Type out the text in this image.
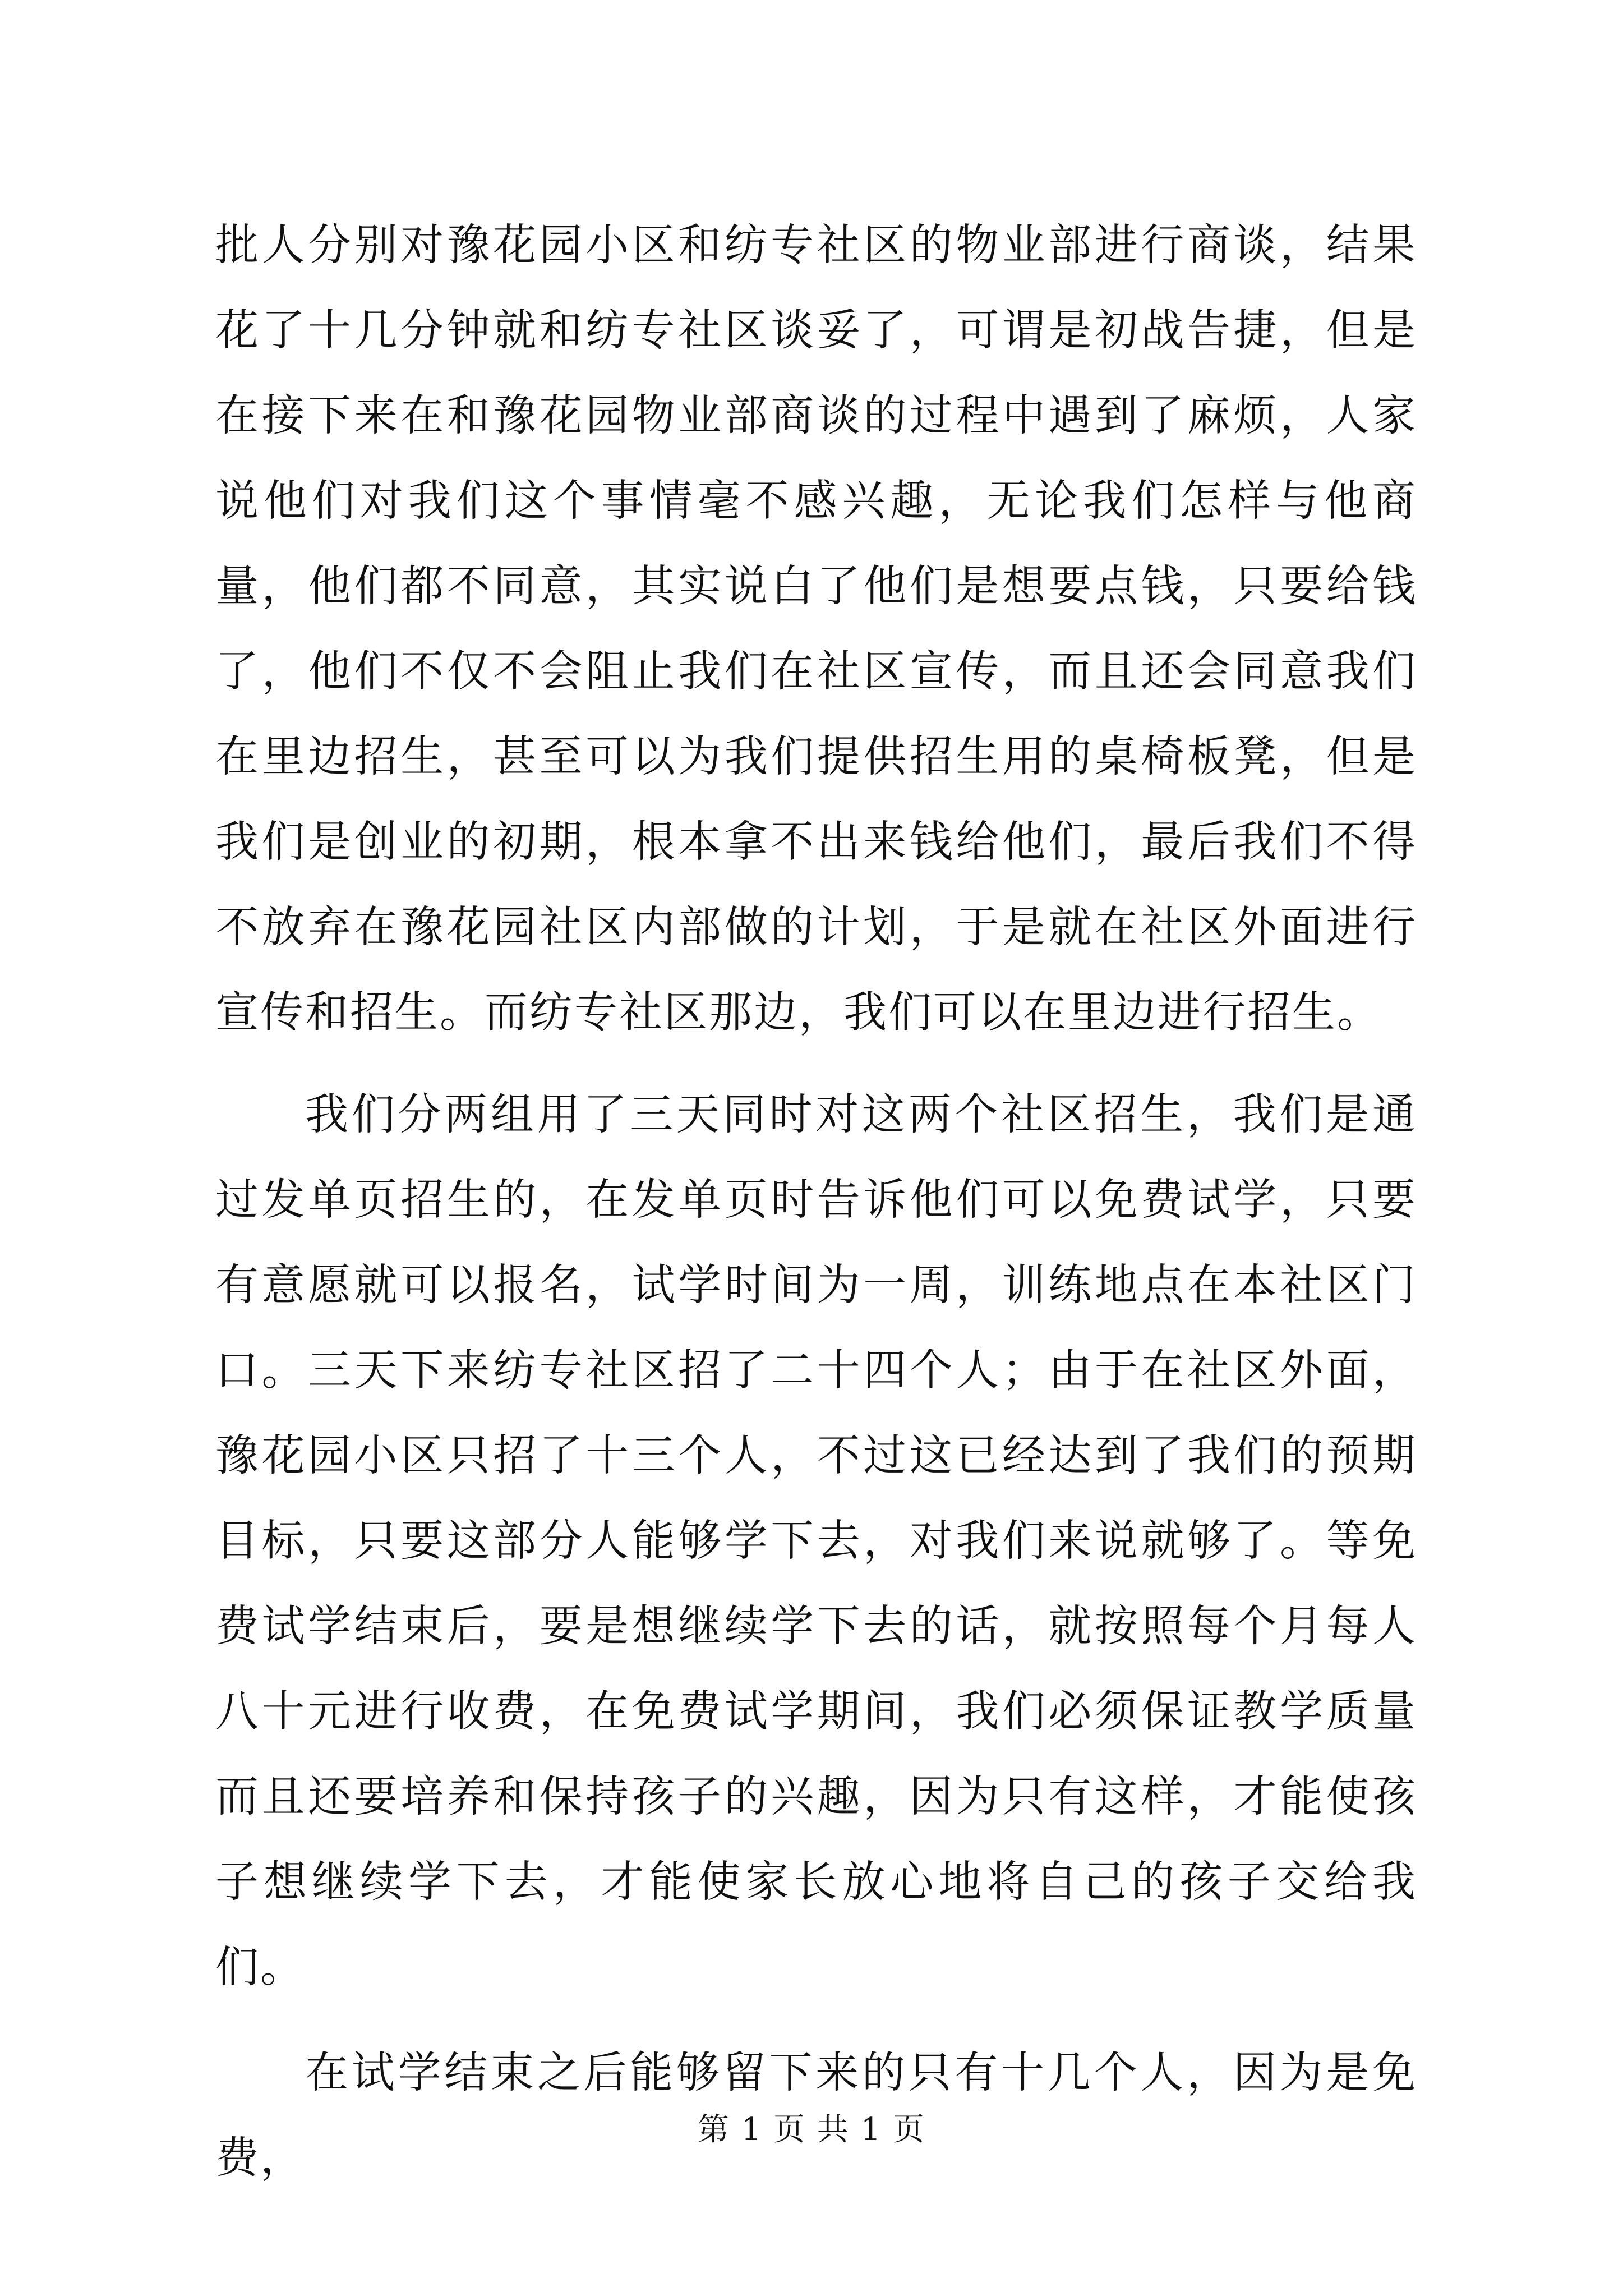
批人分别对豫花园小区和纺专社区的物业部进行商谈，结果花了十几分钟就和纺专社区谈妥了，可谓是初战告捷，但是在接下来在和豫花园物业部商谈的过程中遇到了麻烦，人家说他们对我们这个事情毫不感兴趣，无论我们怎样与他商量，他们都不同意，其实说白了他们是想要点钱，只要给钱了，他们不仅不会阻止我们在社区宣传，而且还会同意我们在里边招生，甚至可以为我们提供招生用的桌椅板凳，但是我们是创业的初期，根本拿不出来钱给他们，最后我们不得不放弃在豫花园社区内部做的计划，于是就在社区外面进行宣传和招生。而纺专社区那边，我们可以在里边进行招生。

我们分两组用了三天同时对这两个社区招生，我们是通过发单页招生的，在发单页时告诉他们可以免费试学，只要有意愿就可以报名，试学时间为一周，训练地点在本社区门口。三天下来纺专社区招了二十四个人；由于在社区外面，豫花园小区只招了十三个人，不过这已经达到了我们的预期目标，只要这部分人能够学下去，对我们来说就够了。等免费试学结束后，要是想继续学下去的话，就按照每个月每人八十元进行收费，在免费试学期间，我们必须保证教学质量而且还要培养和保持孩子的兴趣，因为只有这样，才能使孩子想继续学下去，才能使家长放心地将自己的孩子交给我们。

在试学结束之后能够留下来的只有十几个人，因为是免费，

第 1 页 共 1 页
